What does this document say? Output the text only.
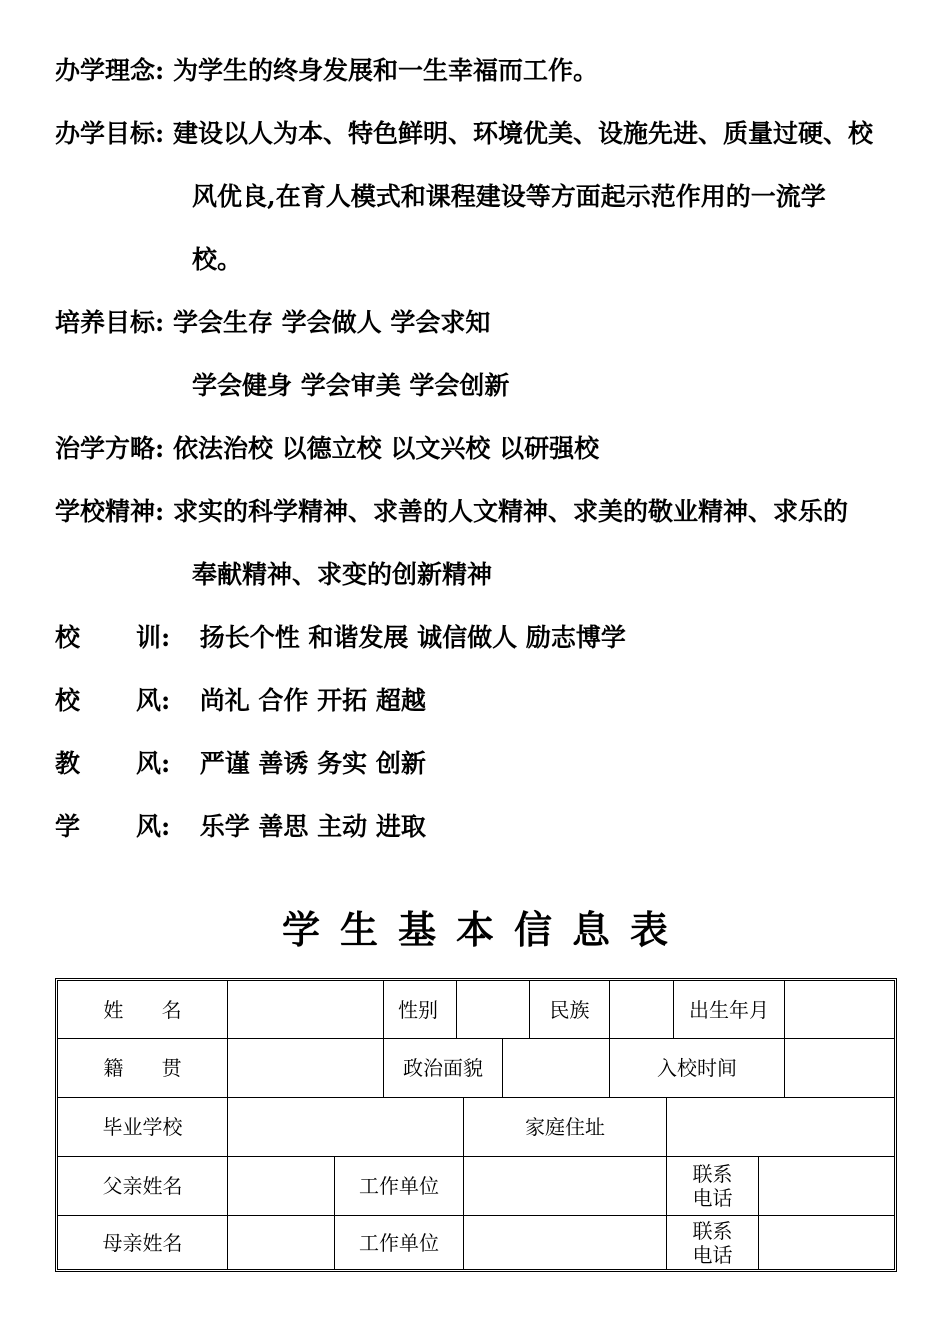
办学理念: 为学生的终身发展和一生幸福而工作。
办学目标: 建设以人为本、特色鲜明、环境优美、设施先进、质量过硬、校
风优良,在育人模式和课程建设等方面起示范作用的一流学
校。
培养目标: 学会生存 学会做人 学会求知
学会健身 学会审美 学会创新
治学方略: 依法治校 以德立校 以文兴校 以研强校
学校精神: 求实的科学精神、求善的人文精神、求美的敬业精神、求乐的
奉献精神、求变的创新精神
校 训: 扬长个性 和谐发展 诚信做人 励志博学
校 风: 尚礼 合作 开拓 超越
教 风: 严谨 善诱 务实 创新
学 风: 乐学 善思 主动 进取
学生基本信息表
姓      名	性别	民族	出生年月
籍      贯	政治面貌	入校时间
毕业学校	家庭住址
父亲姓名	工作单位	联系
电话
母亲姓名	工作单位	联系
电话
